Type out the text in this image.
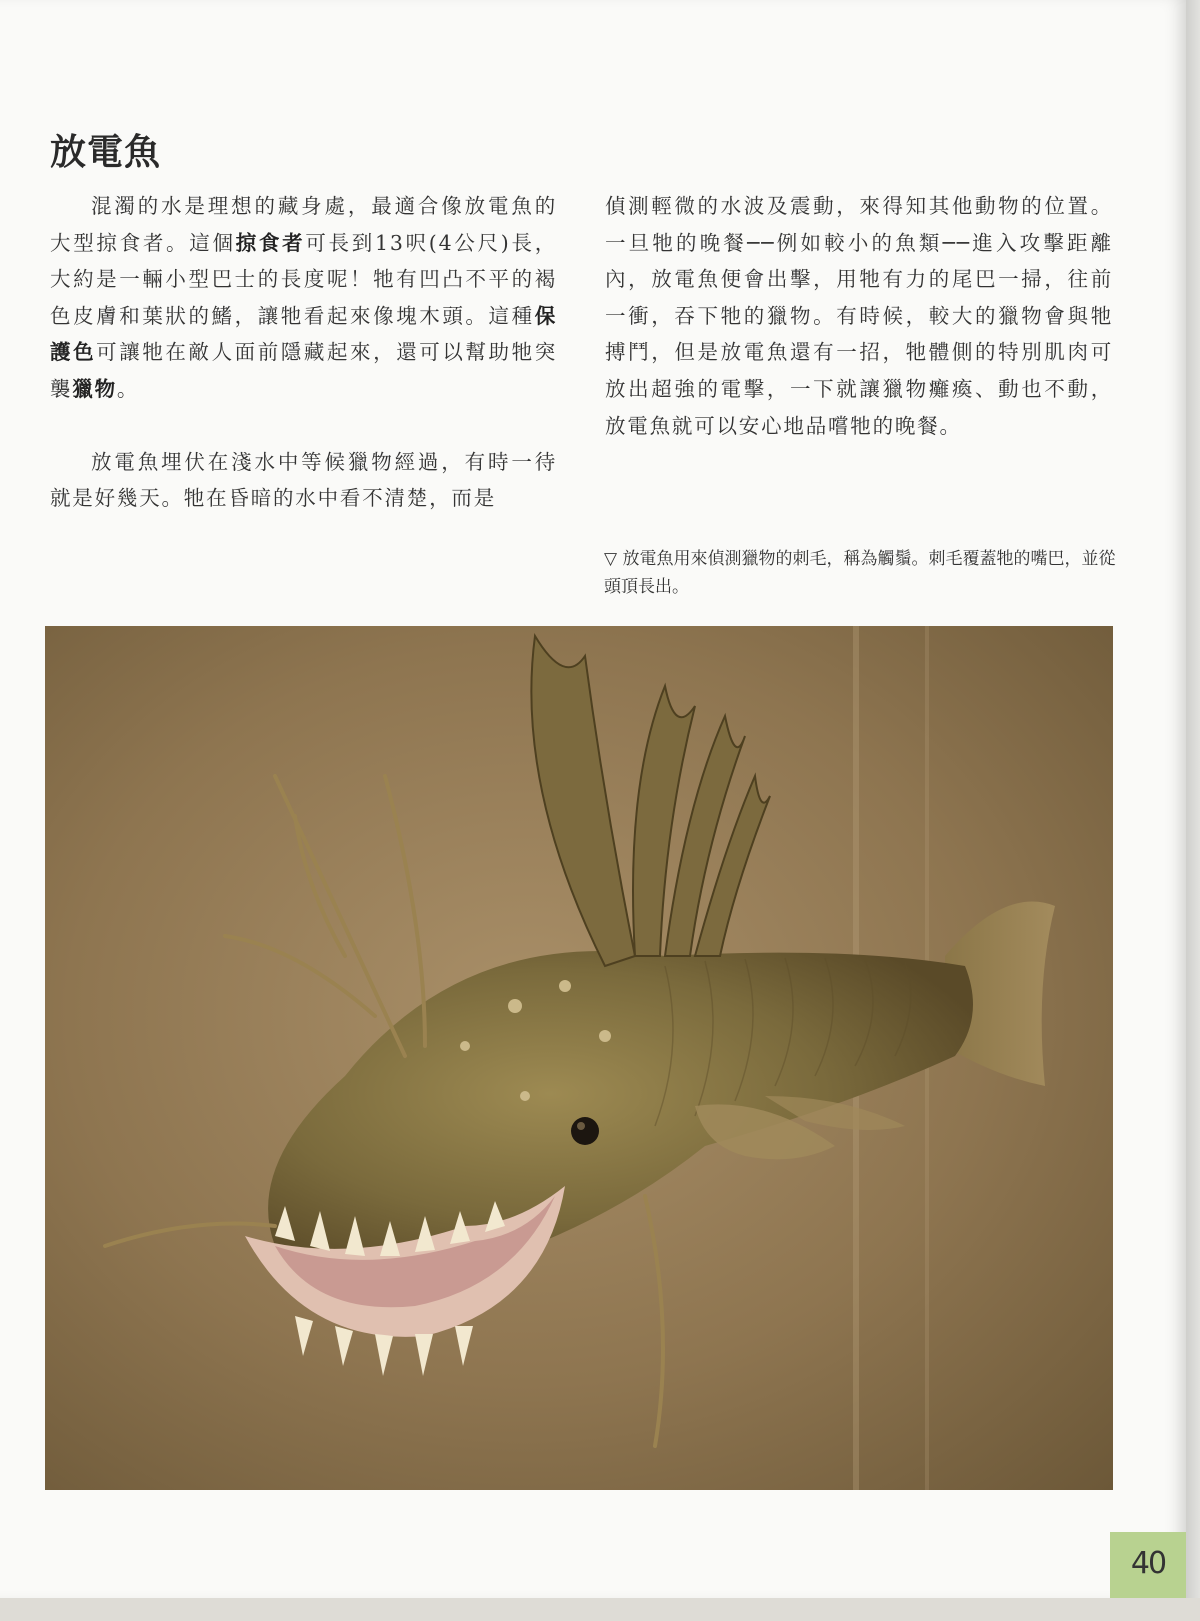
放電魚

混濁的水是理想的藏身處，最適合像放電魚的大型掠食者。這個掠食者可長到13呎(4公尺)長，大約是一輛小型巴士的長度呢！牠有凹凸不平的褐色皮膚和葉狀的鰭，讓牠看起來像塊木頭。這種保護色可讓牠在敵人面前隱藏起來，還可以幫助牠突襲獵物。

放電魚埋伏在淺水中等候獵物經過，有時一待就是好幾天。牠在昏暗的水中看不清楚，而是

偵測輕微的水波及震動，來得知其他動物的位置。一旦牠的晚餐──例如較小的魚類──進入攻擊距離內，放電魚便會出擊，用牠有力的尾巴一掃，往前一衝，吞下牠的獵物。有時候，較大的獵物會與牠搏鬥，但是放電魚還有一招，牠體側的特別肌肉可放出超強的電擊，一下就讓獵物癱瘓、動也不動，放電魚就可以安心地品嚐牠的晚餐。

▽ 放電魚用來偵測獵物的刺毛，稱為觸鬚。刺毛覆蓋牠的嘴巴，並從頭頂長出。
40
